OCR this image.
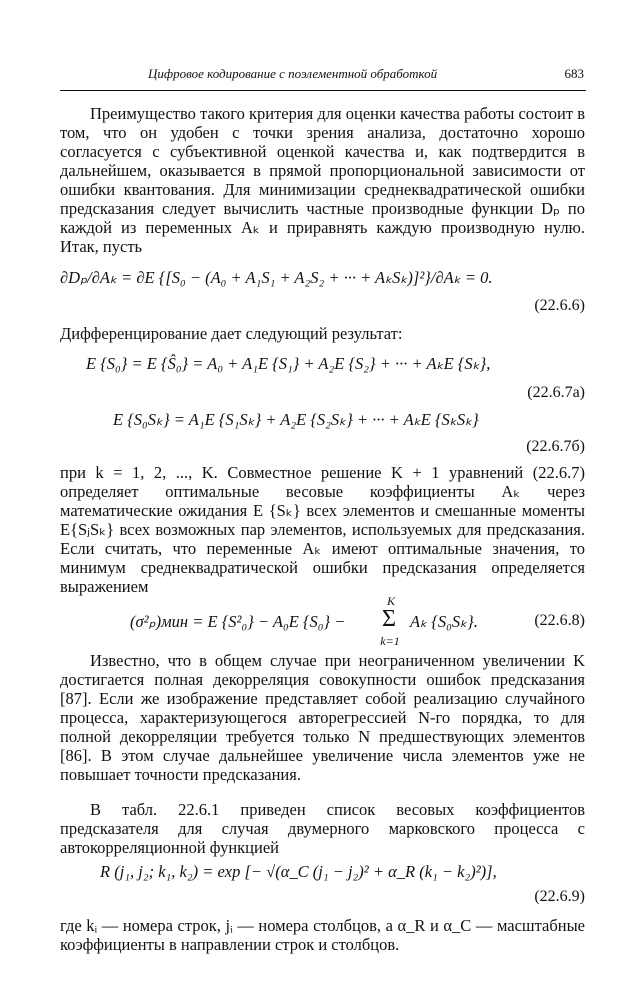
Цифровое кодирование с поэлементной обработкой	683

Преимущество такого критерия для оценки качества работы состоит в том, что он удобен с точки зрения анализа, достаточно хорошо согласуется с субъективной оценкой качества и, как подтвердится в дальнейшем, оказывается в прямой пропорциональной зависимости от ошибки квантования. Для минимизации среднеквадратической ошибки предсказания следует вычислить частные производные функции Dₚ по каждой из переменных Aₖ и приравнять каждую производную нулю. Итак, пусть

∂Dₚ/∂Aₖ = ∂E {[S₀ − (A₀ + A₁S₁ + A₂S₂ + ··· + AₖSₖ)]²}/∂Aₖ = 0.

(22.6.6)

Дифференцирование дает следующий результат:

E {S₀} = E {Ŝ₀} = A₀ + A₁E {S₁} + A₂E {S₂} + ··· + AₖE {Sₖ},

(22.6.7а)

E {S₀Sₖ} = A₁E {S₁Sₖ} + A₂E {S₂Sₖ} + ··· + AₖE {SₖSₖ}

(22.6.7б)

при k = 1, 2, ..., K. Совместное решение K + 1 уравнений (22.6.7) определяет оптимальные весовые коэффициенты Aₖ через математические ожидания E {Sₖ} всех элементов и смешанные моменты E{SⱼSₖ} всех возможных пар элементов, используемых для предсказания. Если считать, что переменные Aₖ имеют оптимальные значения, то минимум среднеквадратической ошибки предсказания определяется выражением

(σ²ₚ)мин = E {S²₀} − A₀E {S₀} −

K

Σ

k=1

Aₖ {S₀Sₖ}.	(22.6.8)

Известно, что в общем случае при неограниченном увеличении K достигается полная декорреляция совокупности ошибок предсказания [87]. Если же изображение представляет собой реализацию случайного процесса, характеризующегося авторегрессией N-го порядка, то для полной декорреляции требуется только N предшествующих элементов [86]. В этом случае дальнейшее увеличение числа элементов уже не повышает точности предсказания.

В табл. 22.6.1 приведен список весовых коэффициентов предсказателя для случая двумерного марковского процесса с автокорреляционной функцией

R (j₁, j₂; k₁, k₂) = exp [− √(α_C (j₁ − j₂)² + α_R (k₁ − k₂)²)],

(22.6.9)

где kᵢ — номера строк, jᵢ — номера столбцов, а α_R и α_C — масштабные коэффициенты в направлении строк и столбцов.
